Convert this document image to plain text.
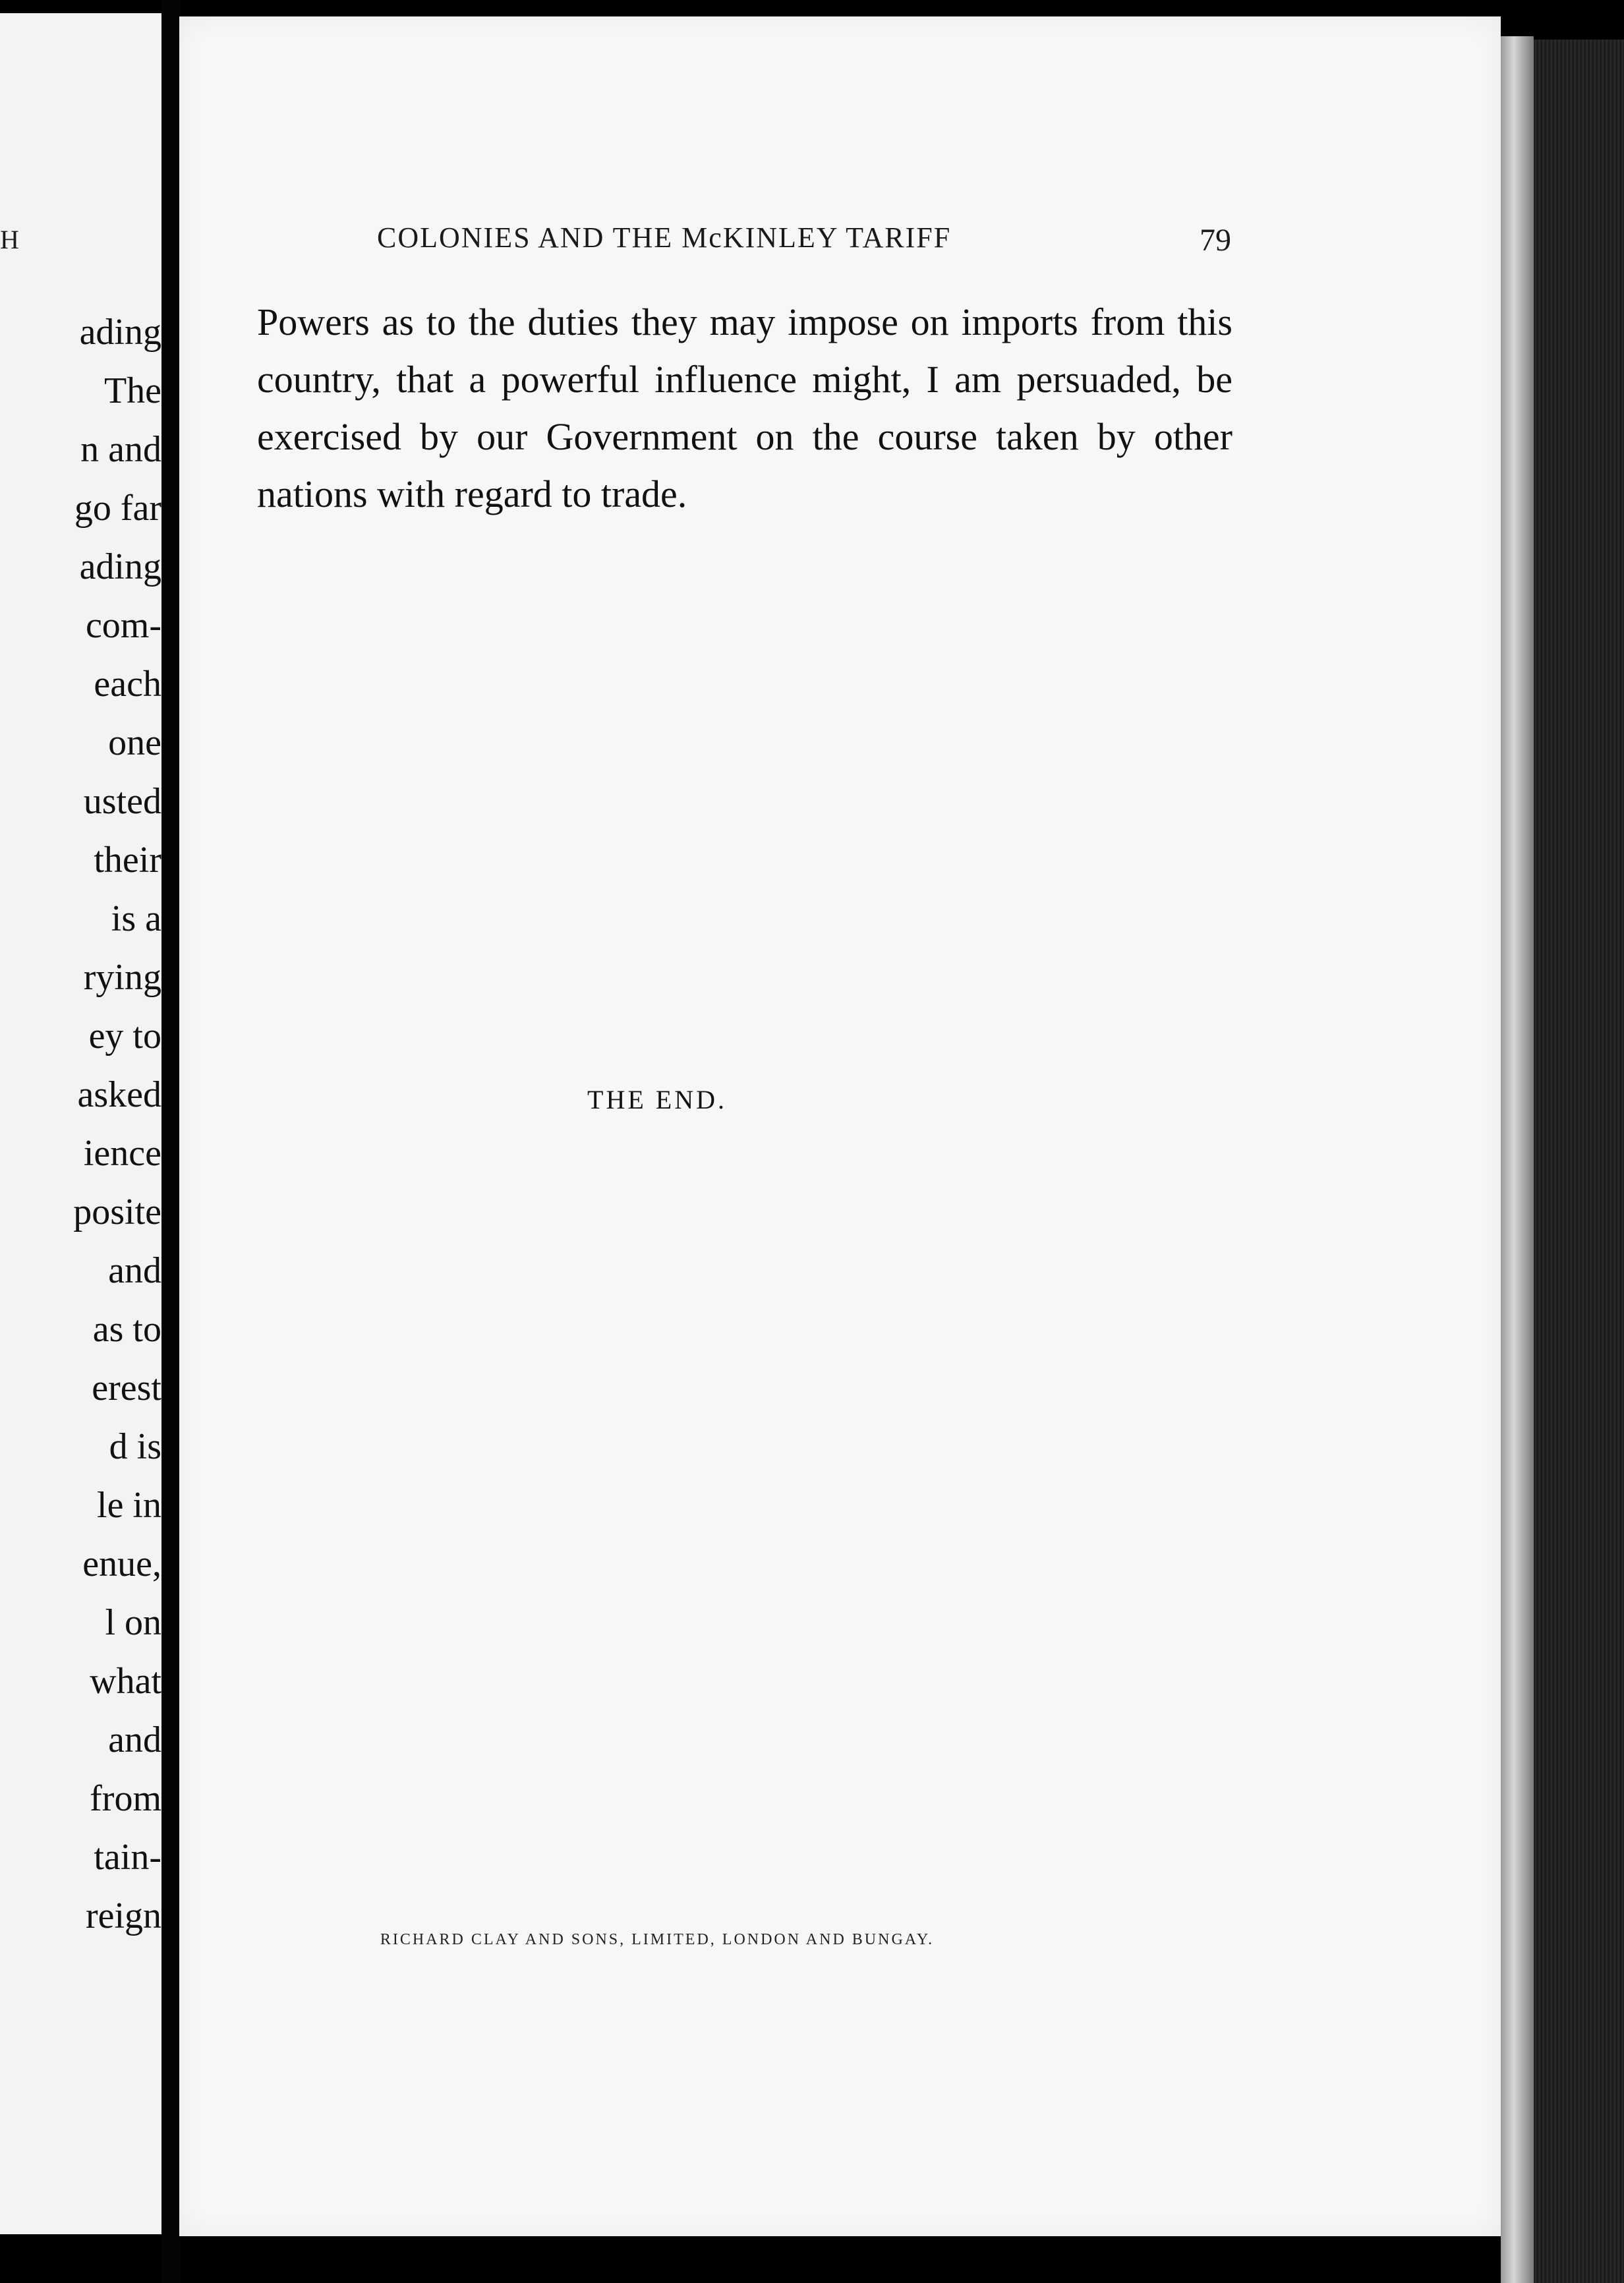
H
ading
The
n and
go far
ading
com-
each
one
usted
their
is a
rying
ey to
asked
ience
posite
and
as to
erest
d is
le in
enue,
l on
what
and
from
tain-
reign
COLONIES AND THE McKINLEY TARIFF	79

Powers as to the duties they may impose on imports from this country, that a powerful influence might, I am persuaded, be exercised by our Government on the course taken by other nations with regard to trade.

THE END.
RICHARD CLAY AND SONS, LIMITED, LONDON AND BUNGAY.
